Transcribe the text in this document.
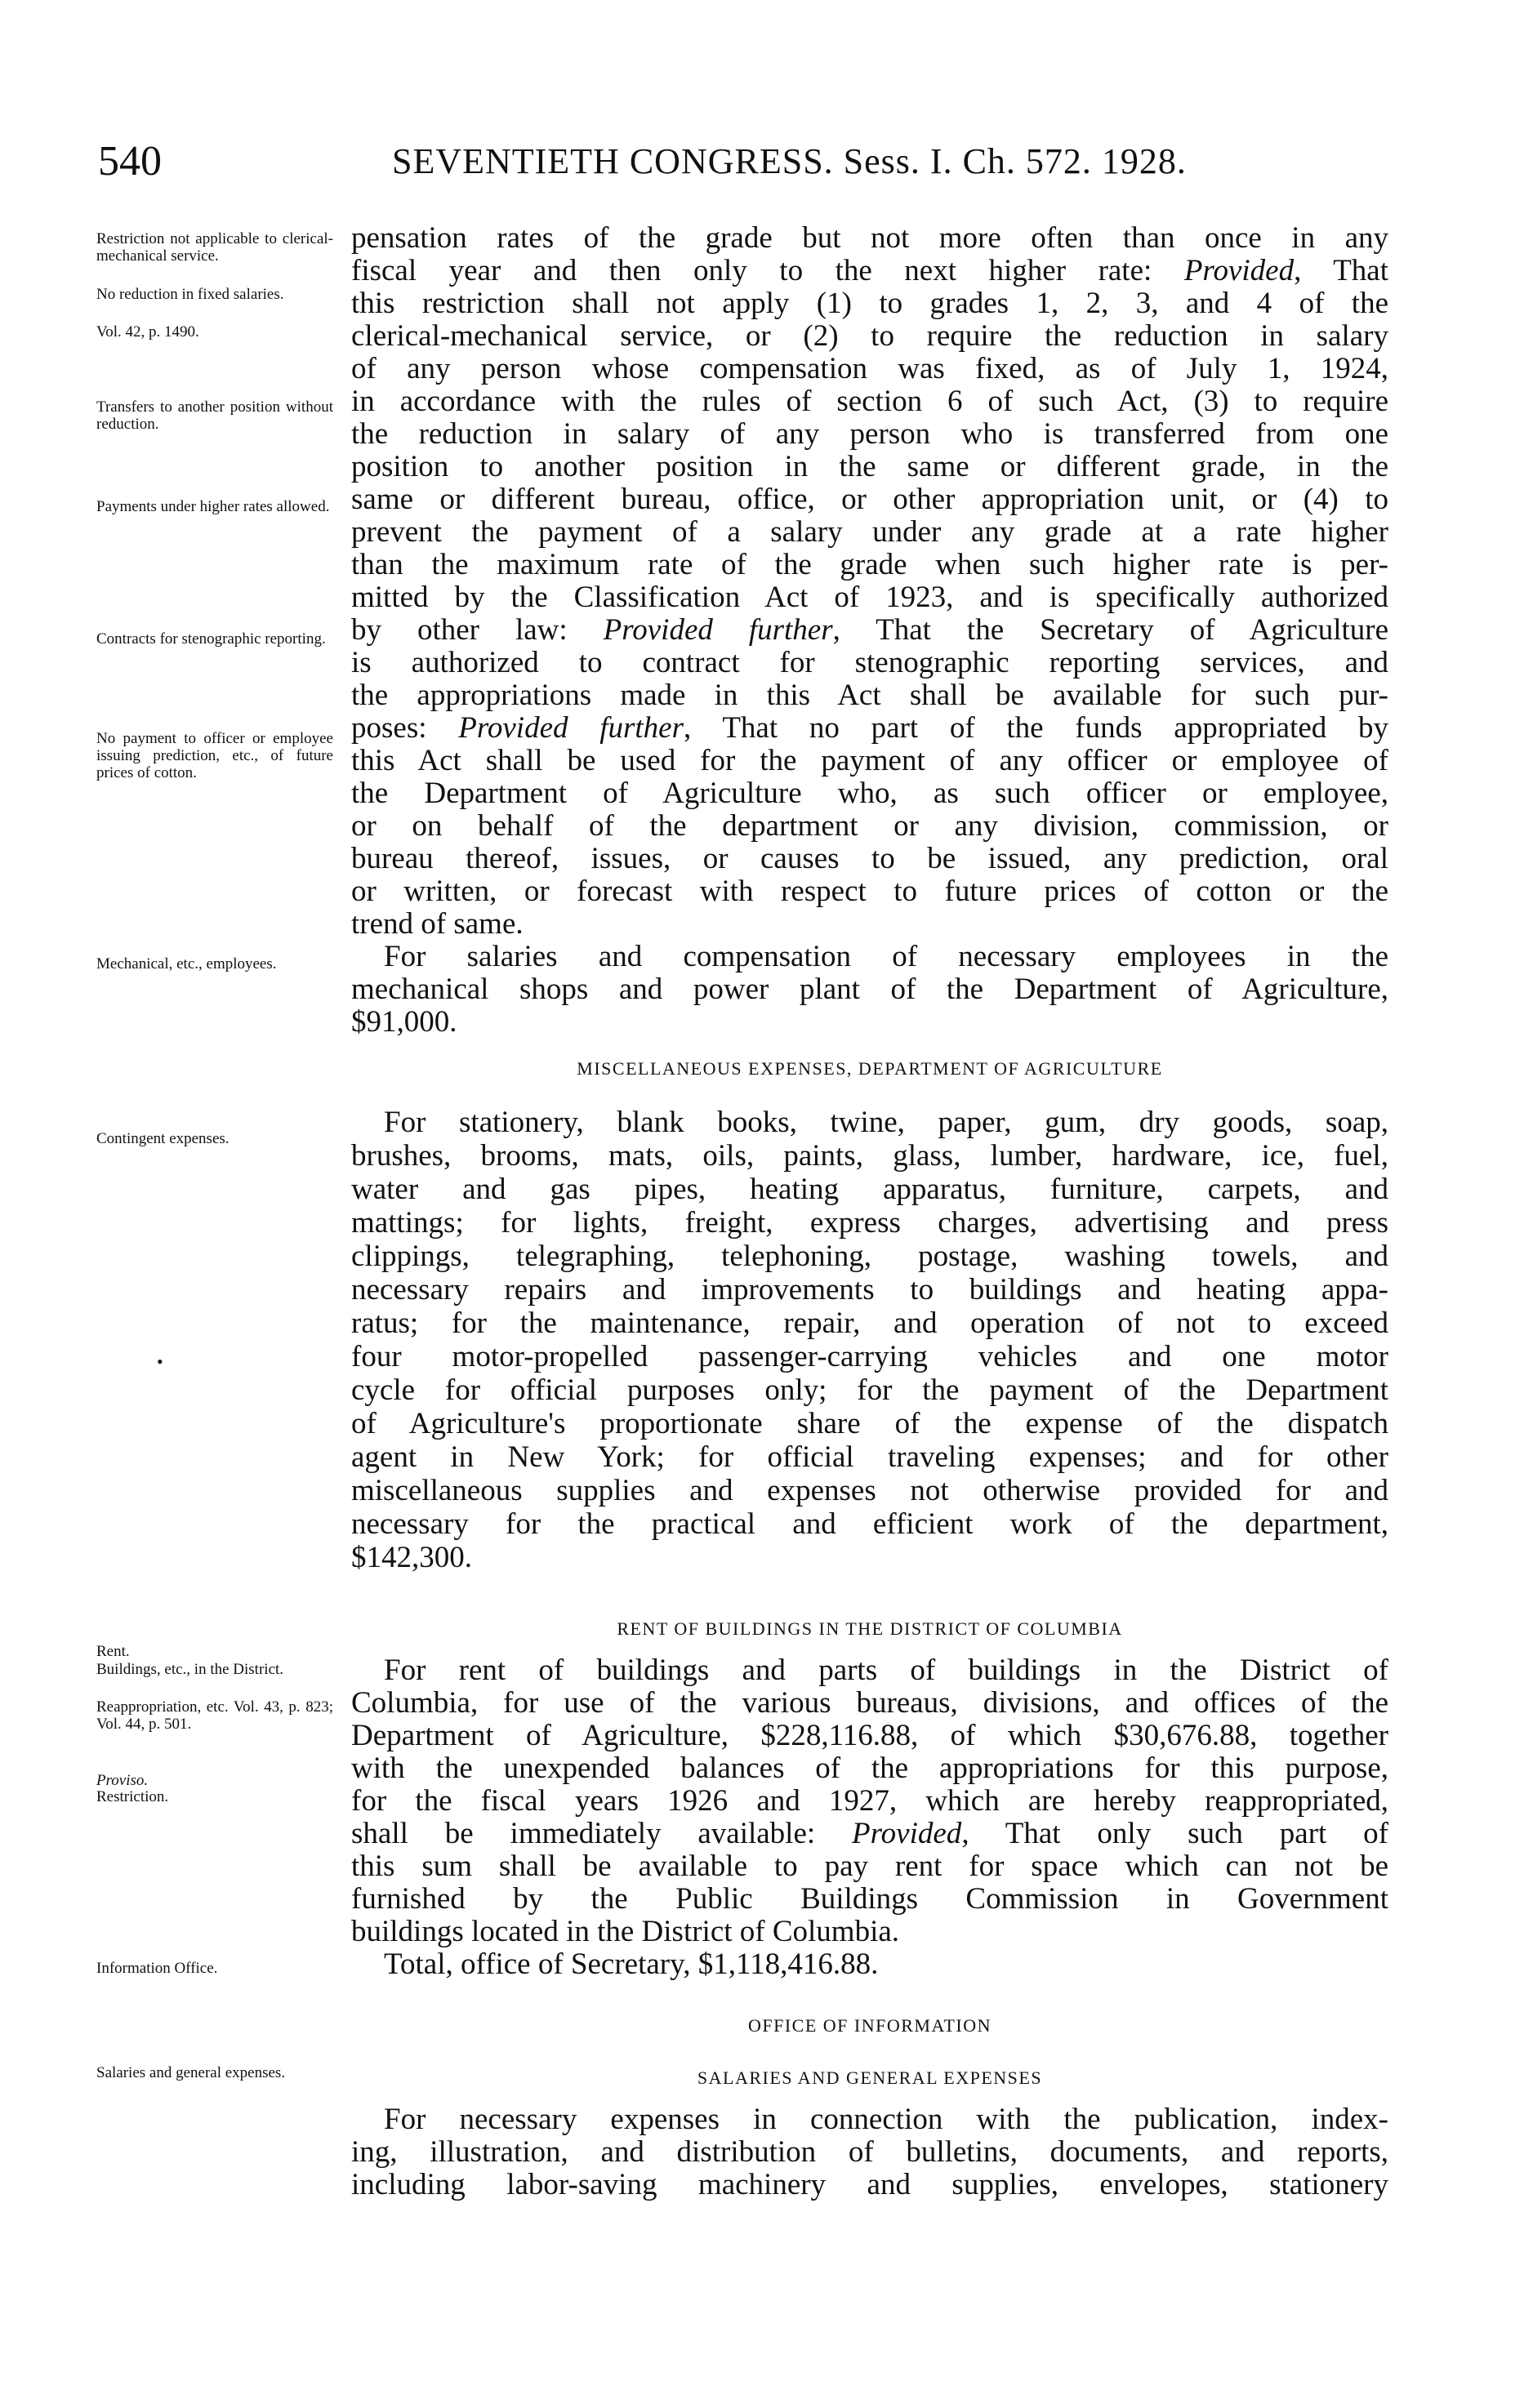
540	SEVENTIETH CONGRESS. Sess. I. Ch. 572. 1928.
Restriction not applicable to clerical-mechanical service.
No reduction in fixed salaries.
Vol. 42, p. 1490.
Transfers to another position without reduction.
Payments under higher rates allowed.
Contracts for stenographic reporting.
No payment to officer or employee issuing prediction, etc., of future prices of cotton.
Mechanical, etc., employees.
Contingent expenses.
Rent.
Buildings, etc., in the District.
Reappropriation, etc. Vol. 43, p. 823; Vol. 44, p. 501.
Proviso.
Restriction.
Information Office.
Salaries and general expenses.
•
pensation rates of the grade but not more often than once in any
fiscal year and then only to the next higher rate: Provided, That
this restriction shall not apply (1) to grades 1, 2, 3, and 4 of the
clerical-mechanical service, or (2) to require the reduction in salary
of any person whose compensation was fixed, as of July 1, 1924,
in accordance with the rules of section 6 of such Act, (3) to require
the reduction in salary of any person who is transferred from one
position to another position in the same or different grade, in the
same or different bureau, office, or other appropriation unit, or (4) to
prevent the payment of a salary under any grade at a rate higher
than the maximum rate of the grade when such higher rate is per-
mitted by the Classification Act of 1923, and is specifically authorized
by other law: Provided further, That the Secretary of Agriculture
is authorized to contract for stenographic reporting services, and
the appropriations made in this Act shall be available for such pur-
poses: Provided further, That no part of the funds appropriated by
this Act shall be used for the payment of any officer or employee of
the Department of Agriculture who, as such officer or employee,
or on behalf of the department or any division, commission, or
bureau thereof, issues, or causes to be issued, any prediction, oral
or written, or forecast with respect to future prices of cotton or the
trend of same.
For salaries and compensation of necessary employees in the
mechanical shops and power plant of the Department of Agriculture,
$91,000.
MISCELLANEOUS EXPENSES, DEPARTMENT OF AGRICULTURE
For stationery, blank books, twine, paper, gum, dry goods, soap,
brushes, brooms, mats, oils, paints, glass, lumber, hardware, ice, fuel,
water and gas pipes, heating apparatus, furniture, carpets, and
mattings; for lights, freight, express charges, advertising and press
clippings, telegraphing, telephoning, postage, washing towels, and
necessary repairs and improvements to buildings and heating appa-
ratus; for the maintenance, repair, and operation of not to exceed
four motor-propelled passenger-carrying vehicles and one motor
cycle for official purposes only; for the payment of the Department
of Agriculture's proportionate share of the expense of the dispatch
agent in New York; for official traveling expenses; and for other
miscellaneous supplies and expenses not otherwise provided for and
necessary for the practical and efficient work of the department,
$142,300.
RENT OF BUILDINGS IN THE DISTRICT OF COLUMBIA
For rent of buildings and parts of buildings in the District of
Columbia, for use of the various bureaus, divisions, and offices of the
Department of Agriculture, $228,116.88, of which $30,676.88, together
with the unexpended balances of the appropriations for this purpose,
for the fiscal years 1926 and 1927, which are hereby reappropriated,
shall be immediately available: Provided, That only such part of
this sum shall be available to pay rent for space which can not be
furnished by the Public Buildings Commission in Government
buildings located in the District of Columbia.
Total, office of Secretary, $1,118,416.88.
OFFICE OF INFORMATION
SALARIES AND GENERAL EXPENSES
For necessary expenses in connection with the publication, index-
ing, illustration, and distribution of bulletins, documents, and reports,
including labor-saving machinery and supplies, envelopes, stationery
